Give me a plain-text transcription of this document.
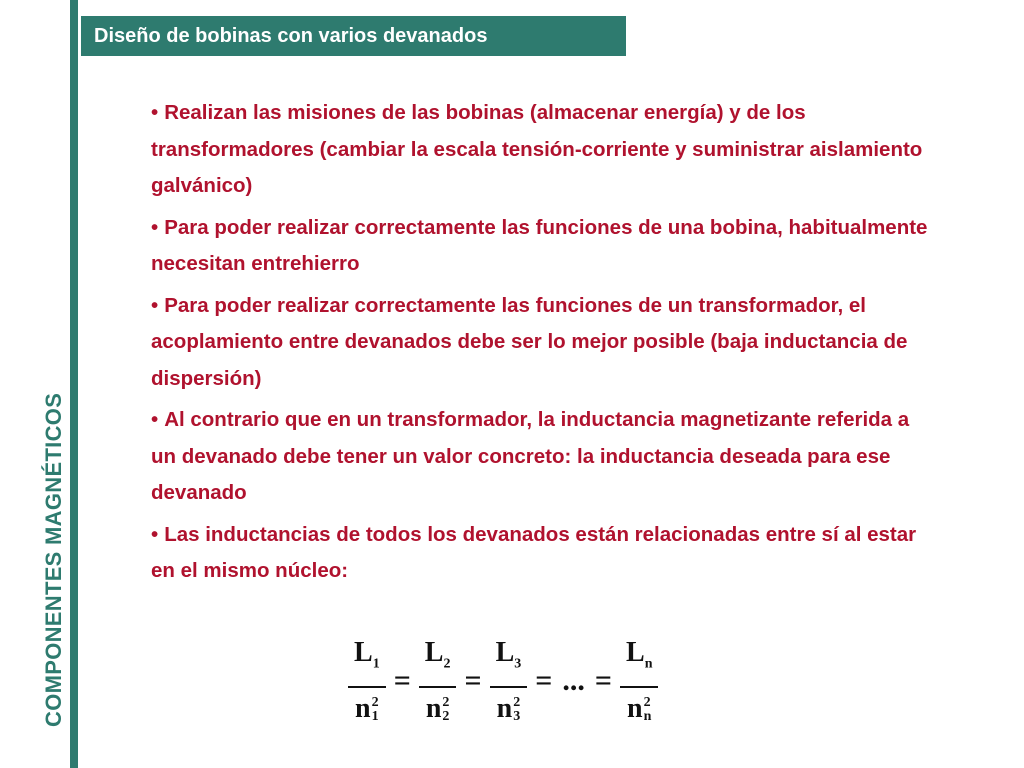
COMPONENTES MAGNÉTICOS
Diseño de bobinas con varios devanados
• Realizan las misiones de las bobinas (almacenar energía) y de los transformadores (cambiar la escala tensión-corriente y suministrar aislamiento galvánico)
• Para poder realizar correctamente las funciones de una bobina, habitualmente necesitan entrehierro
• Para poder realizar correctamente las funciones de un transformador, el acoplamiento entre devanados debe ser lo mejor posible (baja inductancia de dispersión)
• Al contrario que en un transformador, la inductancia magnetizante referida a un devanado debe tener un valor concreto: la inductancia deseada para ese devanado
• Las inductancias de todos los devanados están relacionadas entre sí al estar en el mismo núcleo:
$L_1$
n 2
$1 = L_2$
n 2
$2 = L_3$
n 2
3 = ... = $L_n$
n 2
n
